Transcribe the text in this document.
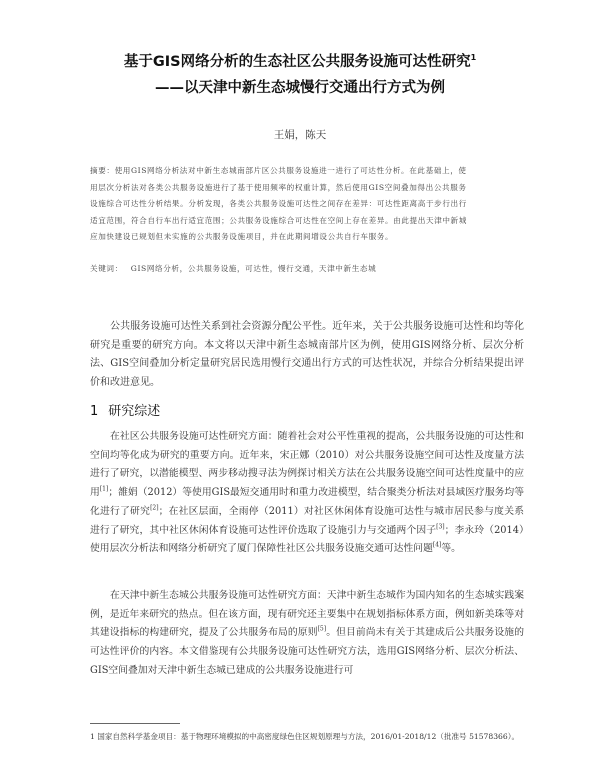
基于GIS网络分析的生态社区公共服务设施可达性研究$^1$
——以天津中新生态城慢行交通出行方式为例
王娟，陈天
摘要：使用GIS网络分析法对中新生态城南部片区公共服务设施进一进行了可达性分析。在此基础上，使
用层次分析法对各类公共服务设施进行了基于使用频率的权重计算，然后使用GIS空间叠加得出公共服务
设施综合可达性分析结果。分析发现，各类公共服务设施可达性之间存在差异：可达性距离高于步行出行
适宜范围，符合自行车出行适宜范围；公共服务设施综合可达性在空间上存在差异。由此提出天津中新城
应加快建设已规划但未实施的公共服务设施项目，并在此期间增设公共自行车服务。
关键词： GIS网络分析，公共服务设施，可达性，慢行交通，天津中新生态城
公共服务设施可达性关系到社会资源分配公平性。近年来，关于公共服务设施可达性和均等化研究是重要的研究方向。本文将以天津中新生态城南部片区为例，使用GIS网络分析、层次分析法、GIS空间叠加分析定量研究居民选用慢行交通出行方式的可达性状况，并综合分析结果提出评价和改进意见。
1 研究综述
在社区公共服务设施可达性研究方面：随着社会对公平性重视的提高，公共服务设施的可达性和空间均等化成为研究的重要方向。近年来，宋正娜（2010）对公共服务设施空间可达性及度量方法进行了研究，以潜能模型、两步移动搜寻法为例探讨相关方法在公共服务设施空间可达性度量中的应用[1]；雒娟（2012）等使用GIS最短交通用时和重力改进模型，结合聚类分析法对县域医疗服务均等化进行了研究[2]；在社区层面，全雨停（2011）对社区休闲体育设施可达性与城市居民参与度关系进行了研究，其中社区休闲体育设施可达性评价选取了设施引力与交通两个因子[3]；李永玲（2014）使用层次分析法和网络分析研究了厦门保障性社区公共服务设施交通可达性问题[4]等。
在天津中新生态城公共服务设施可达性研究方面：天津中新生态城作为国内知名的生态城实践案例，是近年来研究的热点。但在该方面，现有研究还主要集中在规划指标体系方面，例如新美珠等对其建设指标的构建研究，提及了公共服务布局的原则[5]。但目前尚未有关于其建成后公共服务设施的可达性评价的内容。本文借鉴现有公共服务设施可达性研究方法，选用GIS网络分析、层次分析法、GIS空间叠加对天津中新生态城已建成的公共服务设施进行可
1 国家自然科学基金项目：基于物理环境模拟的中高密度绿色住区规划原理与方法，2016/01-2018/12（批准号 51578366）。
